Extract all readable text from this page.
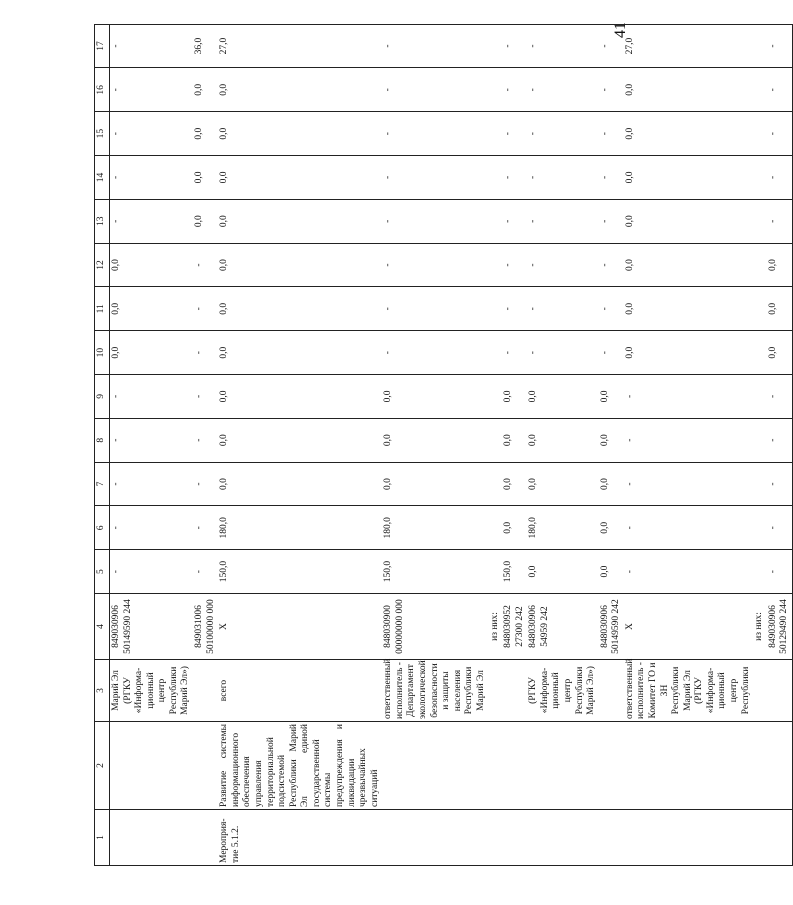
41
1	2	3	4	5	6	7	8	9	10	11	12	13	14	15	16	17
		Марий Эл (РГКУ «Информа-ционный центр Республики Марий Эл»)	849030906 50149590 244	-	-	-	-	-	0,0	0,0	0,0	-	-	-	-	-
			849031006 50100000 000	-	-	-	-	-	-	-	-	0,0	0,0	0,0	0,0	36,0
Мероприя-тие 5.1.2.	Развитие системы информационного обеспечения управления территориальной подсистемой Республики Марий Эл единой государственной системы предупреждения и ликвидации чрезвычайных ситуаций	всего	X	150,0	180,0	0,0	0,0	0,0	0,0	0,0	0,0	0,0	0,0	0,0	0,0	27,0
		ответственный исполнитель - Департамент экологической безопасности и защиты населения Республики Марий Эл	848030900 00000000 000	150,0	180,0	0,0	0,0	0,0	-	-	-	-	-	-	-	-
			из них:													
			848030952 27300 242	150,0	0,0	0,0	0,0	0,0	-	-	-	-	-	-	-	-
		(РГКУ «Информа-ционный центр Республики Марий Эл»)	848030906 54959 242	0,0	180,0	0,0	0,0	0,0	-	-	-	-	-	-	-	-
			848030906 50149590 242	0,0	0,0	0,0	0,0	0,0	-	-	-	-	-	-	-	-
		ответственный исполнитель - Комитет ГО и ЗН Республики Марий Эл (РГКУ «Информа-ционный центр Республики	X	-	-	-	-	-	0,0	0,0	0,0	0,0	0,0	0,0	0,0	27,0
			из них:													
			849030906 50129490 244	-	-	-	-	-	0,0	0,0	0,0	-	-	-	-	-
